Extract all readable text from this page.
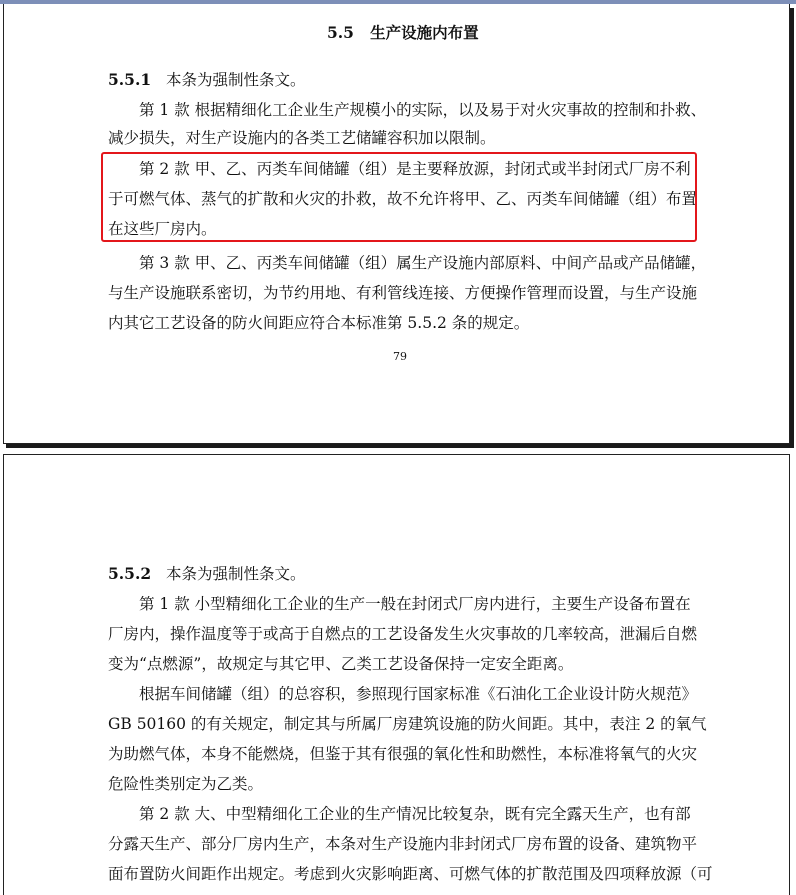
5.5 生产设施内布置
5.5.1 本条为强制性条文。
第 1 款 根据精细化工企业生产规模小的实际，以及易于对火灾事故的控制和扑救、
减少损失，对生产设施内的各类工艺储罐容积加以限制。
第 2 款 甲、乙、丙类车间储罐（组）是主要释放源，封闭式或半封闭式厂房不利
于可燃气体、蒸气的扩散和火灾的扑救，故不允许将甲、乙、丙类车间储罐（组）布置
在这些厂房内。
第 3 款 甲、乙、丙类车间储罐（组）属生产设施内部原料、中间产品或产品储罐，
与生产设施联系密切，为节约用地、有利管线连接、方便操作管理而设置，与生产设施
内其它工艺设备的防火间距应符合本标准第 5.5.2 条的规定。
79
5.5.2 本条为强制性条文。
第 1 款 小型精细化工企业的生产一般在封闭式厂房内进行，主要生产设备布置在
厂房内，操作温度等于或高于自燃点的工艺设备发生火灾事故的几率较高，泄漏后自燃
变为“点燃源”，故规定与其它甲、乙类工艺设备保持一定安全距离。
根据车间储罐（组）的总容积，参照现行国家标准《石油化工企业设计防火规范》
GB 50160 的有关规定，制定其与所属厂房建筑设施的防火间距。其中，表注 2 的氧气
为助燃气体，本身不能燃烧，但鉴于其有很强的氧化性和助燃性，本标准将氧气的火灾
危险性类别定为乙类。
第 2 款 大、中型精细化工企业的生产情况比较复杂，既有完全露天生产，也有部
分露天生产、部分厂房内生产，本条对生产设施内非封闭式厂房布置的设备、建筑物平
面布置防火间距作出规定。考虑到火灾影响距离、可燃气体的扩散范围及四项释放源（可
